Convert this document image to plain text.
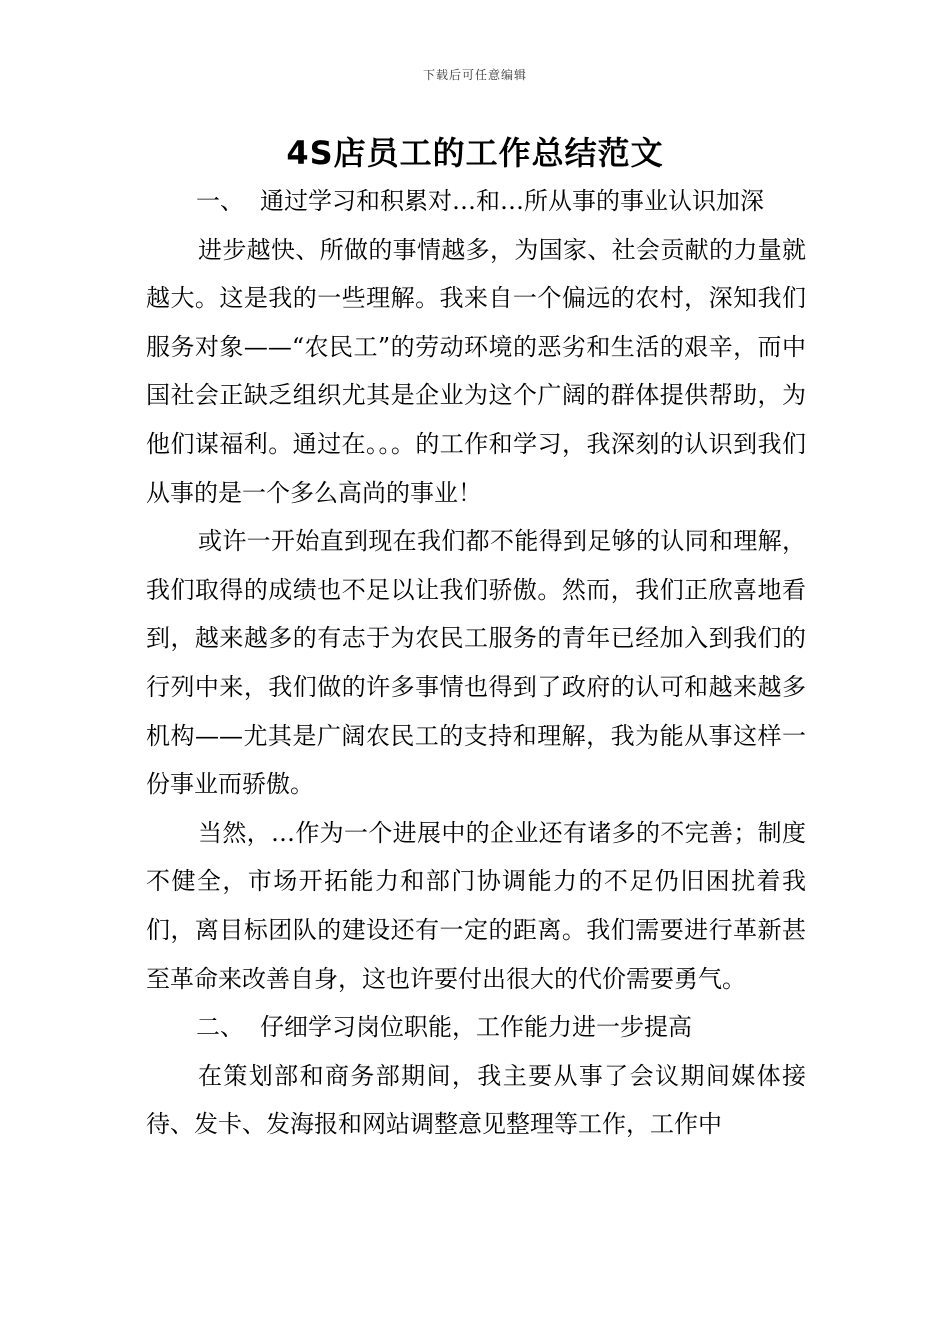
下载后可任意编辑
4S店员工的工作总结范文

一、 通过学习和积累对…和…所从事的事业认识加深

进步越快、所做的事情越多，为国家、社会贡献的力量就越大。这是我的一些理解。我来自一个偏远的农村，深知我们服务对象——“农民工”的劳动环境的恶劣和生活的艰辛，而中国社会正缺乏组织尤其是企业为这个广阔的群体提供帮助，为他们谋福利。通过在。。。的工作和学习，我深刻的认识到我们从事的是一个多么高尚的事业！

或许一开始直到现在我们都不能得到足够的认同和理解，我们取得的成绩也不足以让我们骄傲。然而，我们正欣喜地看到，越来越多的有志于为农民工服务的青年已经加入到我们的行列中来，我们做的许多事情也得到了政府的认可和越来越多机构——尤其是广阔农民工的支持和理解，我为能从事这样一份事业而骄傲。

当然，…作为一个进展中的企业还有诸多的不完善；制度不健全，市场开拓能力和部门协调能力的不足仍旧困扰着我们，离目标团队的建设还有一定的距离。我们需要进行革新甚至革命来改善自身，这也许要付出很大的代价需要勇气。

二、 仔细学习岗位职能，工作能力进一步提高

在策划部和商务部期间，我主要从事了会议期间媒体接待、发卡、发海报和网站调整意见整理等工作，工作中
